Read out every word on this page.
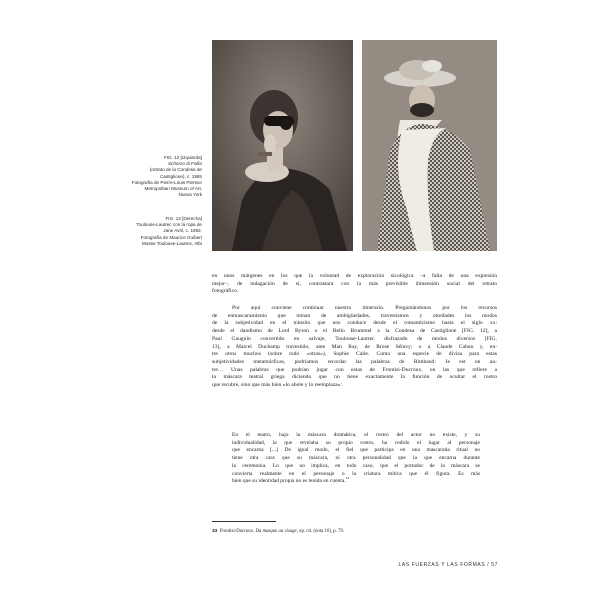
FIG. 12 [Izquierda]
Scherzo di Follia
(retrato de la Condesa de
Castiglione), c. 1865
Fotografía de Pierre-Louis Pierson
Metropolitan Museum of Art,
Nueva York
FIG. 13 [Derecha]
Toulouse-Lautrec con la ropa de
Jane Avril, c. 1892.
Fotografía de Maurice Guibert
Musée Toulouse-Lautrec, Albi
en unos márgenes en los que la voluntad de exploración sicológica –a falta de una expresión
mejor–, de indagación de sí, contrastará con la más previsible dimensión social del retrato
fotográfico.
Por aquí conviene continuar nuestro itinerario. Preguntándonos por los recursos
de enmascaramiento que minan de ambigüedades, travestismos y otredades los modos
de la subjetividad en el tránsito que nos conduce desde el romanticismo hasta el siglo xx:
desde el dandismo de Lord Byron o el Bello Brummel a la Condesa de Castiglione [FIG. 12], a
Paul Gauguin convertido en salvaje, Toulouse-Lautrec disfrazado de modos diversos [FIG.
13], a Marcel Duchamp travestido, ante Man Ray, de Rrose Sélavy; o a Claude Cahun y, en-
tre otros muchos (sobre todo «otras»), Sophie Calle. Como una especie de divisa para estas
subjetividades metamórficas, podríamos recordar las palabras de Rimbaud: Je est un au-
tre… Unas palabras que podrían jugar con estas de Frontisi-Ducroux, en las que refiere a
la máscara teatral griega diciendo que no tiene exactamente la función de ocultar el rostro
que recubre, sino que más bien «lo abole y lo reemplaza»:
En el teatro, bajo la máscara dramática, el rostro del actor no existe, y su
individualidad, la que revelaba su propio rostro, ha cedido el lugar al personaje
que encarna [...] De igual modo, el fiel que participa en una mascarada ritual no
tiene otra cara que su máscara, ni otra personalidad que la que encarna durante
la ceremonia. Lo que no implica, en todo caso, que el portador de la máscara se
convierta realmente en el personaje o la criatura mítica que él figura. Es más
bien que su identidad propia no es tenida en cuenta.$^{33}$
33 Frontisi-Ducroux, Du masque au visage, op. cit. (nota 16), p. 79.
LAS FUERZAS Y LAS FORMAS / 57
